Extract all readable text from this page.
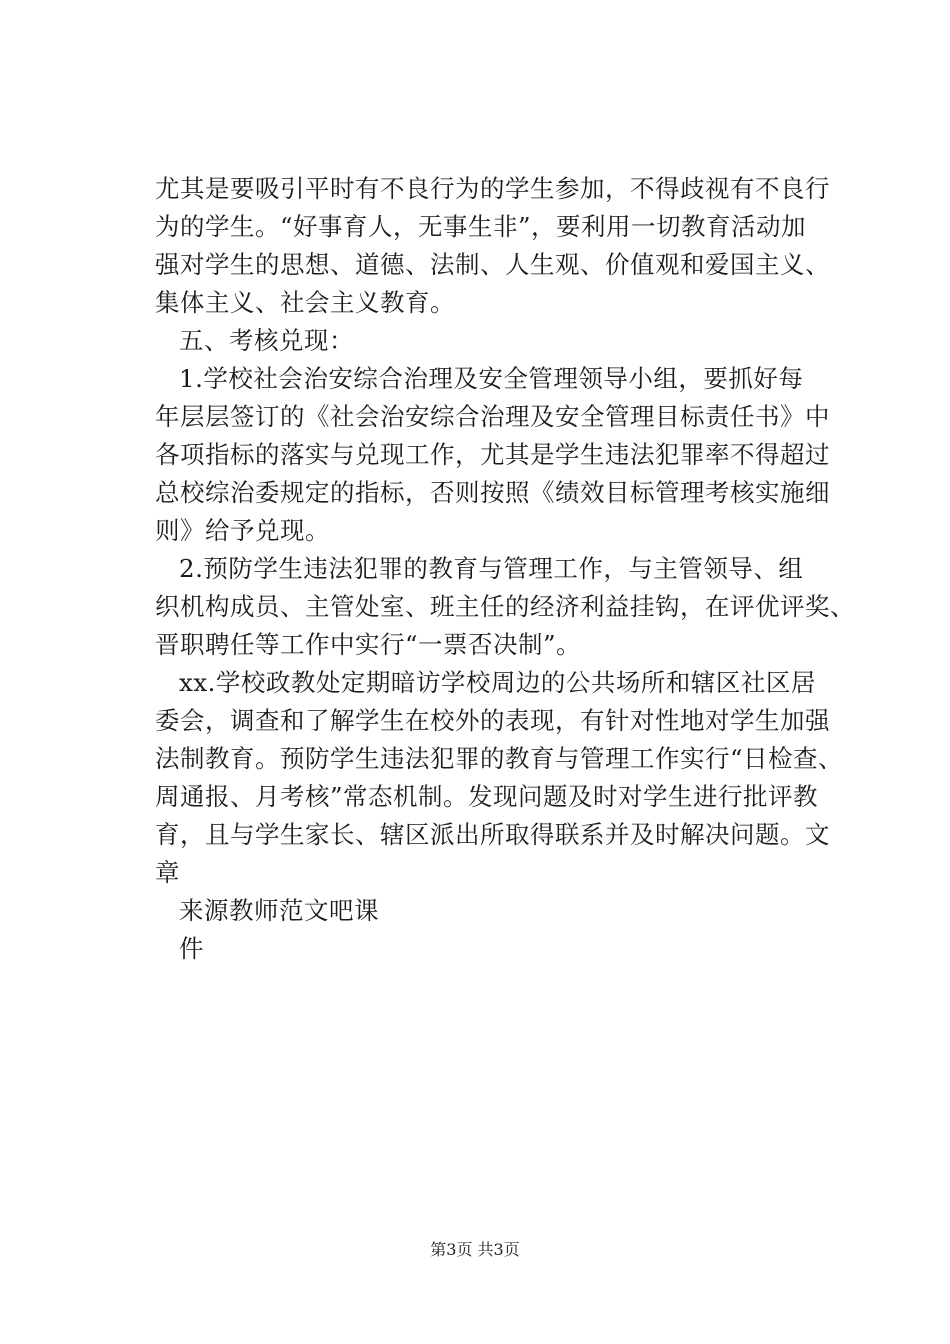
尤其是要吸引平时有不良行为的学生参加，不得歧视有不良行
为的学生。“好事育人，无事生非”，要利用一切教育活动加
强对学生的思想、道德、法制、人生观、价值观和爱国主义、
集体主义、社会主义教育。
五、考核兑现：
1.学校社会治安综合治理及安全管理领导小组，要抓好每
年层层签订的《社会治安综合治理及安全管理目标责任书》中
各项指标的落实与兑现工作，尤其是学生违法犯罪率不得超过
总校综治委规定的指标，否则按照《绩效目标管理考核实施细
则》给予兑现。
2.预防学生违法犯罪的教育与管理工作，与主管领导、组
织机构成员、主管处室、班主任的经济利益挂钩，在评优评奖、
晋职聘任等工作中实行“一票否决制”。
xx.学校政教处定期暗访学校周边的公共场所和辖区社区居
委会，调查和了解学生在校外的表现，有针对性地对学生加强
法制教育。预防学生违法犯罪的教育与管理工作实行“日检查、
周通报、月考核”常态机制。发现问题及时对学生进行批评教
育，且与学生家长、辖区派出所取得联系并及时解决问题。文
章
来源教师范文吧课
件
第3页 共3页
